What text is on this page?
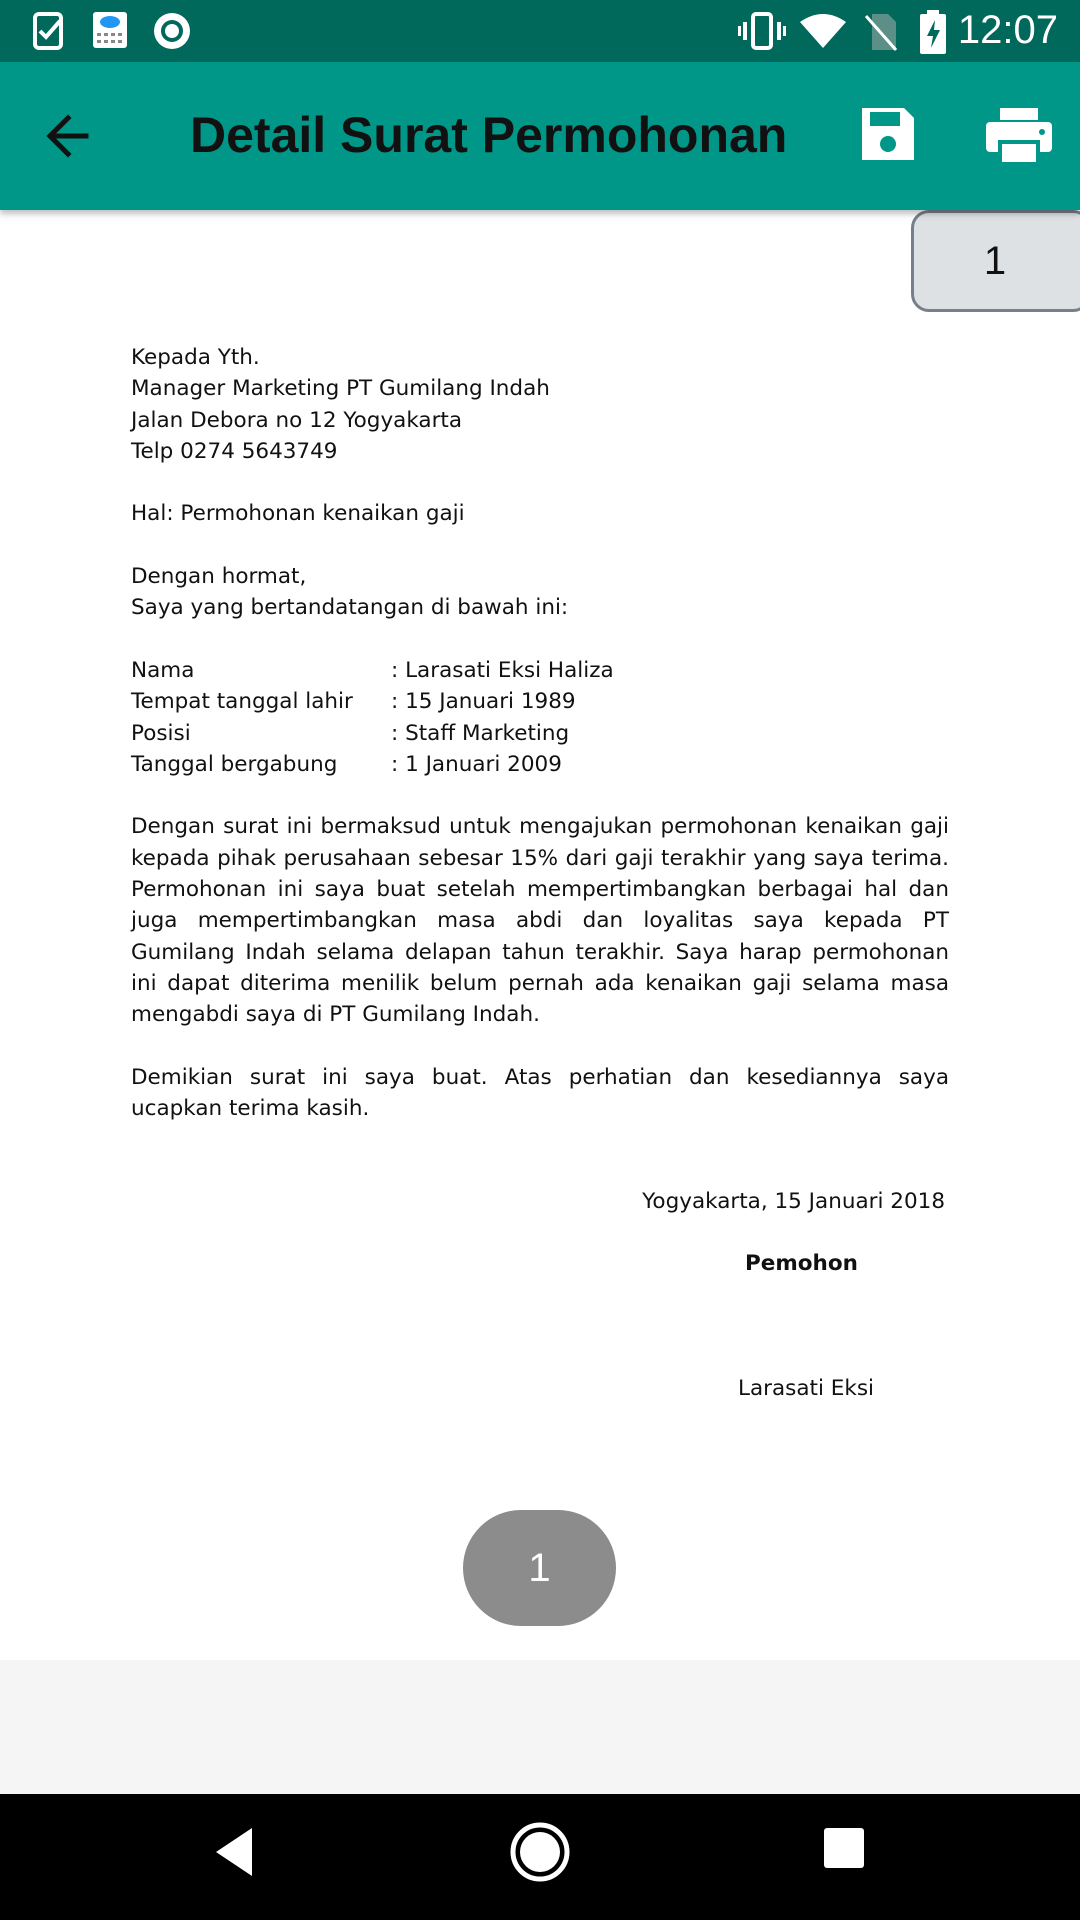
12:07
Detail Surat Permohonan
1
Kepada Yth.
Manager Marketing PT Gumilang Indah
Jalan Debora no 12 Yogyakarta
Telp 0274 5643749
Hal: Permohonan kenaikan gaji
Dengan hormat,
Saya yang bertandatangan di bawah ini:
Nama	: Larasati Eksi Haliza
Tempat tanggal lahir	: 15 Januari 1989
Posisi	: Staff Marketing
Tanggal bergabung	: 1 Januari 2009
Dengan surat ini bermaksud untuk mengajukan permohonan kenaikan gaji kepada pihak perusahaan sebesar 15% dari gaji terakhir yang saya terima. Permohonan ini saya buat setelah mempertimbangkan berbagai hal dan juga mempertimbangkan masa abdi dan loyalitas saya kepada PT Gumilang Indah selama delapan tahun terakhir. Saya harap permohonan ini dapat diterima menilik belum pernah ada kenaikan gaji selama masa mengabdi saya di PT Gumilang Indah.
Demikian surat ini saya buat. Atas perhatian dan kesediannya saya ucapkan terima kasih.
Yogyakarta, 15 Januari 2018
Pemohon
Larasati Eksi
1
